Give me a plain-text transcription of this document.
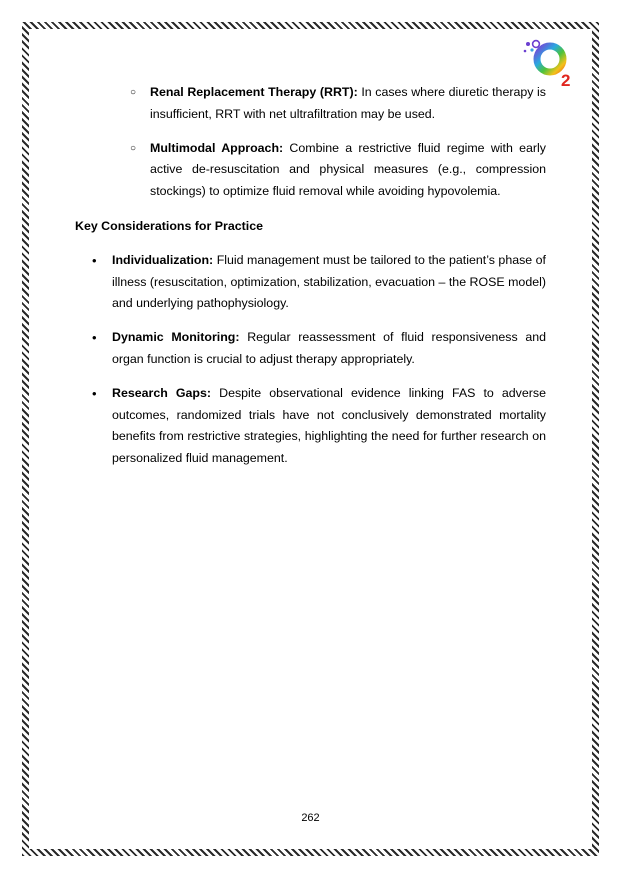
2
○ Renal Replacement Therapy (RRT): In cases where diuretic therapy is insufficient, RRT with net ultrafiltration may be used.
○ Multimodal Approach: Combine a restrictive fluid regime with early active de-resuscitation and physical measures (e.g., compression stockings) to optimize fluid removal while avoiding hypovolemia.
Key Considerations for Practice
• Individualization: Fluid management must be tailored to the patient’s phase of illness (resuscitation, optimization, stabilization, evacuation – the ROSE model) and underlying pathophysiology.
• Dynamic Monitoring: Regular reassessment of fluid responsiveness and organ function is crucial to adjust therapy appropriately.
• Research Gaps: Despite observational evidence linking FAS to adverse outcomes, randomized trials have not conclusively demonstrated mortality benefits from restrictive strategies, highlighting the need for further research on personalized fluid management.
262
